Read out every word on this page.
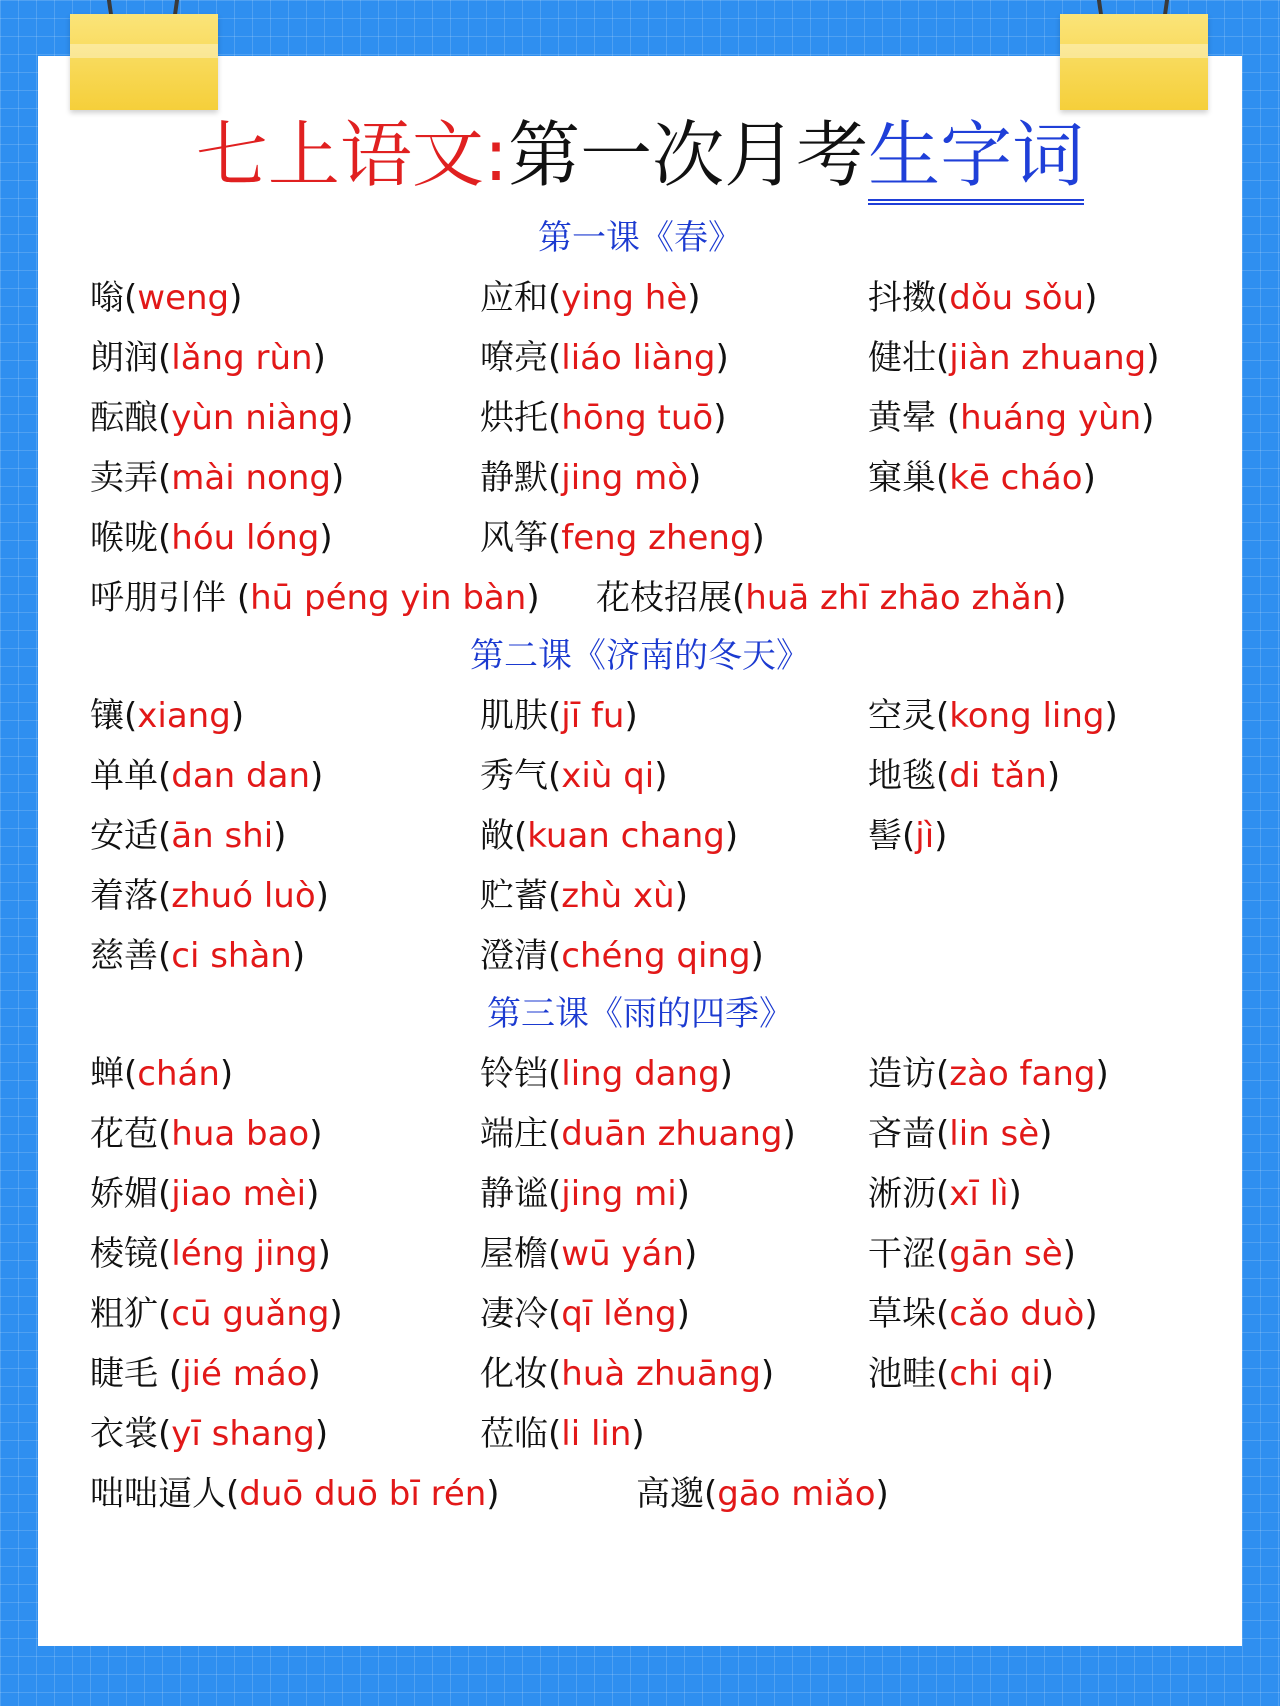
七上语文:第一次月考生字词
第一课《春》
嗡(weng)	应和(ying hè)	抖擞(dǒu sǒu)
朗润(lǎng rùn)	嘹亮(liáo liàng)	健壮(jiàn zhuang)
酝酿(yùn niàng)	烘托(hōng tuō)	黄晕 (huáng yùn)
卖弄(mài nong)	静默(jing mò)	窠巢(kē cháo)
喉咙(hóu lóng)	风筝(feng zheng)
呼朋引伴 (hū péng yin bàn) 花枝招展(huā zhī zhāo zhǎn)
第二课《济南的冬天》
镶(xiang)	肌肤(jī fu)	空灵(kong ling)
单单(dan dan)	秀气(xiù qi)	地毯(di tǎn)
安适(ān shi)	敞(kuan chang)	髻(jì)
着落(zhuó luò)	贮蓄(zhù xù)
慈善(ci shàn)	澄清(chéng qing)
第三课《雨的四季》
蝉(chán)	铃铛(ling dang)	造访(zào fang)
花苞(hua bao)	端庄(duān zhuang) 吝啬(lin sè)
娇媚(jiao mèi)	静谧(jing mi)	淅沥(xī lì)
棱镜(léng jing)	屋檐(wū yán)	干涩(gān sè)
粗犷(cū guǎng)	凄冷(qī lěng)	草垛(cǎo duò)
睫毛 (jié máo)	化妆(huà zhuāng)	池畦(chi qi)
衣裳(yī shang)	莅临(li lin)
咄咄逼人(duō duō bī rén)	高邈(gāo miǎo)
